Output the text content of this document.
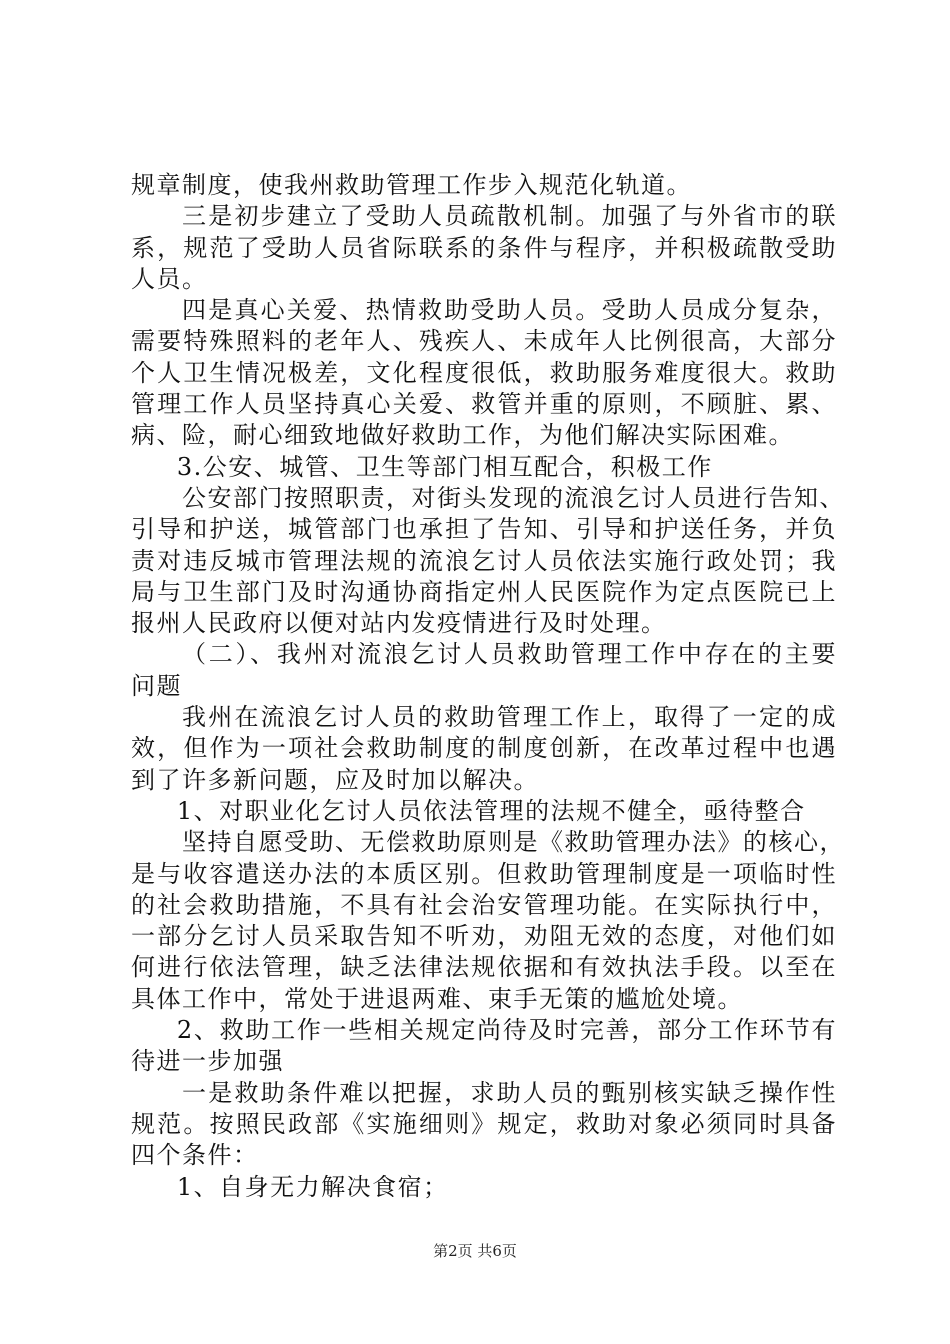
规章制度，使我州救助管理工作步入规范化轨道。
三是初步建立了受助人员疏散机制。加强了与外省市的联
系，规范了受助人员省际联系的条件与程序，并积极疏散受助
人员。
四是真心关爱、热情救助受助人员。受助人员成分复杂，
需要特殊照料的老年人、残疾人、未成年人比例很高，大部分
个人卫生情况极差，文化程度很低，救助服务难度很大。救助
管理工作人员坚持真心关爱、救管并重的原则，不顾脏、累、
病、险，耐心细致地做好救助工作，为他们解决实际困难。
3.公安、城管、卫生等部门相互配合，积极工作
公安部门按照职责，对街头发现的流浪乞讨人员进行告知、
引导和护送，城管部门也承担了告知、引导和护送任务，并负
责对违反城市管理法规的流浪乞讨人员依法实施行政处罚；我
局与卫生部门及时沟通协商指定州人民医院作为定点医院已上
报州人民政府以便对站内发疫情进行及时处理。
（二）、我州对流浪乞讨人员救助管理工作中存在的主要
问题
我州在流浪乞讨人员的救助管理工作上，取得了一定的成
效，但作为一项社会救助制度的制度创新，在改革过程中也遇
到了许多新问题，应及时加以解决。
1、对职业化乞讨人员依法管理的法规不健全，亟待整合
坚持自愿受助、无偿救助原则是《救助管理办法》的核心，
是与收容遣送办法的本质区别。但救助管理制度是一项临时性
的社会救助措施，不具有社会治安管理功能。在实际执行中，
一部分乞讨人员采取告知不听劝，劝阻无效的态度，对他们如
何进行依法管理，缺乏法律法规依据和有效执法手段。以至在
具体工作中，常处于进退两难、束手无策的尴尬处境。
2、救助工作一些相关规定尚待及时完善，部分工作环节有
待进一步加强
一是救助条件难以把握，求助人员的甄别核实缺乏操作性
规范。按照民政部《实施细则》规定，救助对象必须同时具备
四个条件：
1、自身无力解决食宿；
第2页 共6页
